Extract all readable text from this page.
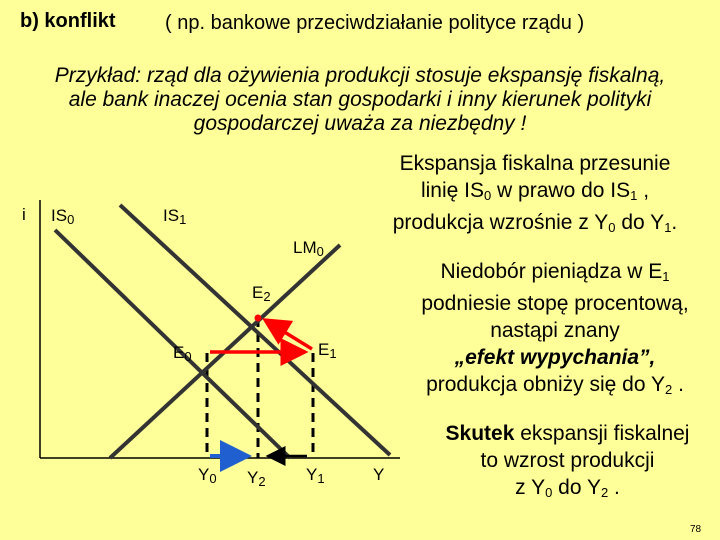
b) konflikt ( np. bankowe przeciwdziałanie polityce rządu )
Przykład: rząd dla ożywienia produkcji stosuje ekspansję fiskalną,
ale bank inaczej ocenia stan gospodarki i inny kierunek polityki
gospodarczej uważa za niezbędny !
i $IS_0$	$IS_1$
$LM_0$
$E_2$
$E_0$	$E_1$
$Y_0$ $Y_2$ $Y_1$	Y
Ekspansja fiskalna przesunie
linię $IS_0$ w prawo do $IS_1$ ,
produkcja wzrośnie z $Y_0$ do $Y_1$.
Niedobór pieniądza w $E_1$
podniesie stopę procentową,
nastąpi znany
„efekt wypychania”,
produkcja obniży się do $Y_2$ .
Skutek ekspansji fiskalnej
to wzrost produkcji
z $Y_0$ do $Y_2$ .
78
